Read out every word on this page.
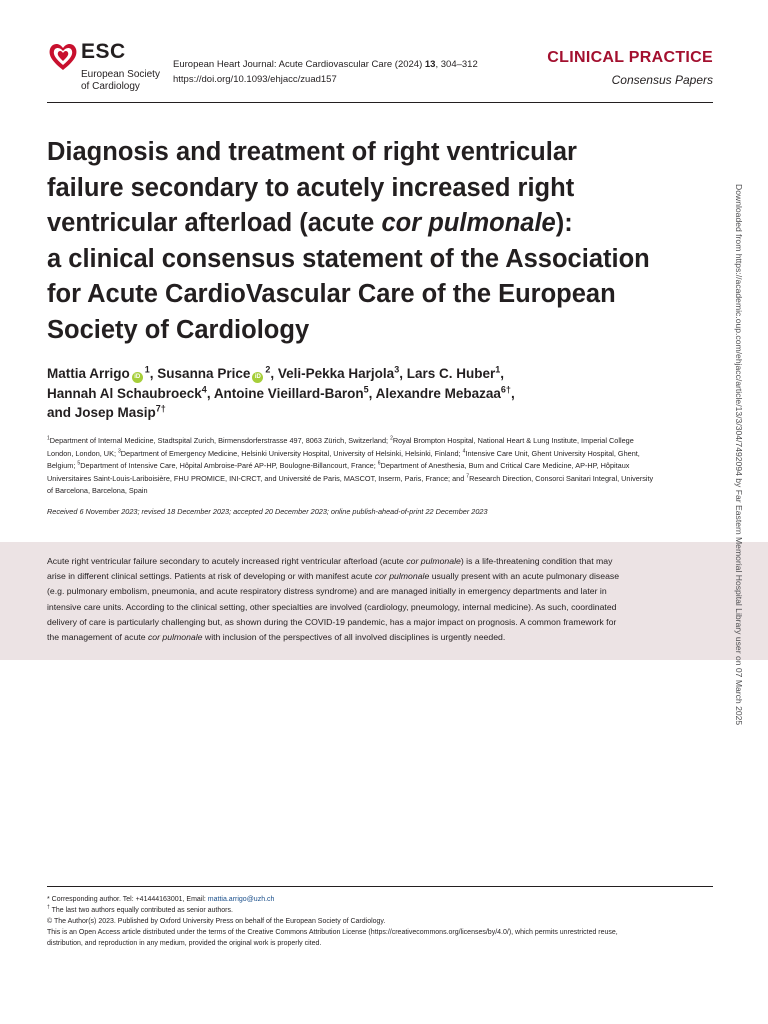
ESC
European Society
of Cardiology
European Heart Journal: Acute Cardiovascular Care (2024) 13, 304–312
https://doi.org/10.1093/ehjacc/zuad157
CLINICAL PRACTICE
Consensus Papers
Diagnosis and treatment of right ventricular
failure secondary to acutely increased right
ventricular afterload (acute cor pulmonale):
a clinical consensus statement of the Association
for Acute CardioVascular Care of the European
Society of Cardiology
Mattia Arrigo $iD^1$, Susanna Price $iD^2$, Veli-Pekka Harjola$^3$, Lars C. Huber$^1$,
Hannah Al Schaubroeck$^4$, Antoine Vieillard-Baron$^5$, Alexandre Mebazaa$^{6\dagger}$,
and Josep Masip$^{7\dagger}$
$^1$Department of Internal Medicine, Stadtspital Zurich, Birmensdorferstrasse 497, 8063 Zürich, Switzerland; $^2$Royal Brompton Hospital, National Heart & Lung Institute, Imperial College
London, London, UK; $^3$Department of Emergency Medicine, Helsinki University Hospital, University of Helsinki, Helsinki, Finland; $^4$Intensive Care Unit, Ghent University Hospital, Ghent,
Belgium; $^5$Department of Intensive Care, Hôpital Ambroise-Paré AP-HP, Boulogne-Billancourt, France; $^6$Department of Anesthesia, Burn and Critical Care Medicine, AP-HP, Hôpitaux
Universitaires Saint-Louis-Lariboisière, FHU PROMICE, INI-CRCT, and Université de Paris, MASCOT, Inserm, Paris, France; and $^7$Research Direction, Consorci Sanitari Integral, University
of Barcelona, Barcelona, Spain
Received 6 November 2023; revised 18 December 2023; accepted 20 December 2023; online publish-ahead-of-print 22 December 2023
Acute right ventricular failure secondary to acutely increased right ventricular afterload (acute cor pulmonale) is a life-threatening condition that may
arise in different clinical settings. Patients at risk of developing or with manifest acute cor pulmonale usually present with an acute pulmonary disease
(e.g. pulmonary embolism, pneumonia, and acute respiratory distress syndrome) and are managed initially in emergency departments and later in
intensive care units. According to the clinical setting, other specialties are involved (cardiology, pneumology, internal medicine). As such, coordinated
delivery of care is particularly challenging but, as shown during the COVID-19 pandemic, has a major impact on prognosis. A common framework for
the management of acute cor pulmonale with inclusion of the perspectives of all involved disciplines is urgently needed.	Downloaded from https://academic.oup.com/ehjacc/article/13/3/304/7492094 by Far Eastern Memorial Hospital Library user on 07 March 2025
* Corresponding author. Tel: +41444163001, Email: mattia.arrigo@uzh.ch
† The last two authors equally contributed as senior authors.
© The Author(s) 2023. Published by Oxford University Press on behalf of the European Society of Cardiology.
This is an Open Access article distributed under the terms of the Creative Commons Attribution License (https://creativecommons.org/licenses/by/4.0/), which permits unrestricted reuse,
distribution, and reproduction in any medium, provided the original work is properly cited.
